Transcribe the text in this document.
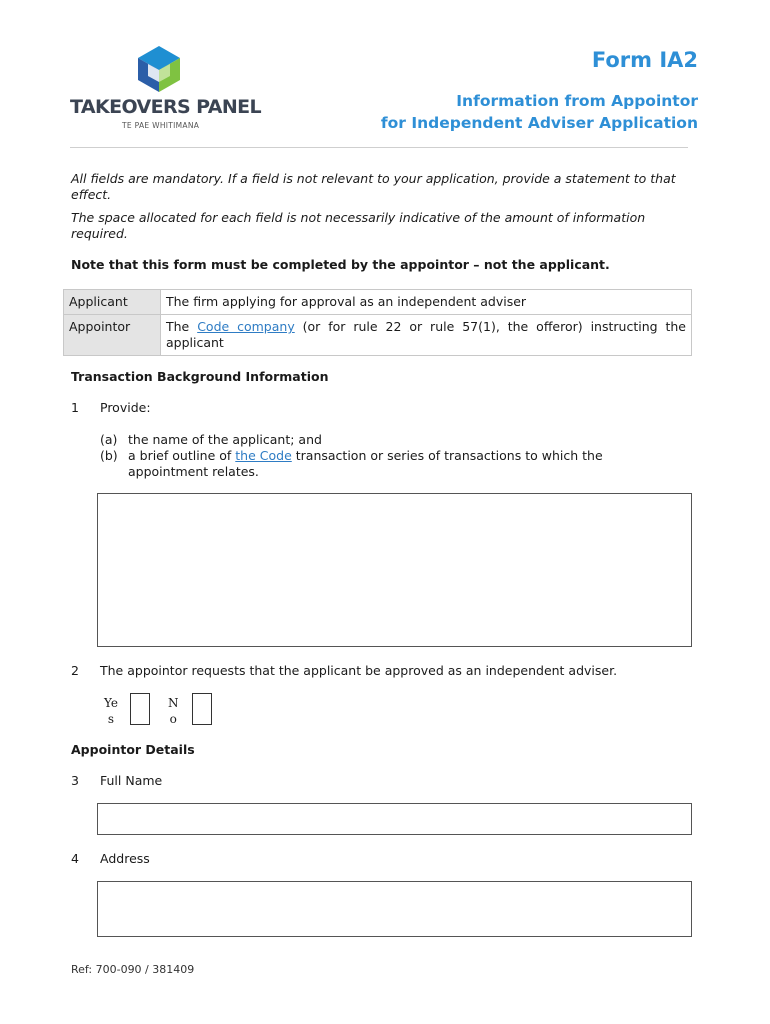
TAKEOVERS PANEL
TE PAE WHITIMANA
Form IA2
Information from Appointor
for Independent Adviser Application
All fields are mandatory. If a field is not relevant to your application, provide a statement to that effect.
The space allocated for each field is not necessarily indicative of the amount of information required.
Note that this form must be completed by the appointor – not the applicant.
Applicant	The firm applying for approval as an independent adviser
Appointor	The Code company (or for rule 22 or rule 57(1), the offeror) instructing the applicant
Transaction Background Information
1 Provide:
(a) the name of the applicant; and
(b) a brief outline of the Code transaction or series of transactions to which the appointment relates.
2 The appointor requests that the applicant be approved as an independent adviser.
Ye
s
N
o
Appointor Details
3 Full Name
4 Address
Ref: 700-090 / 381409
